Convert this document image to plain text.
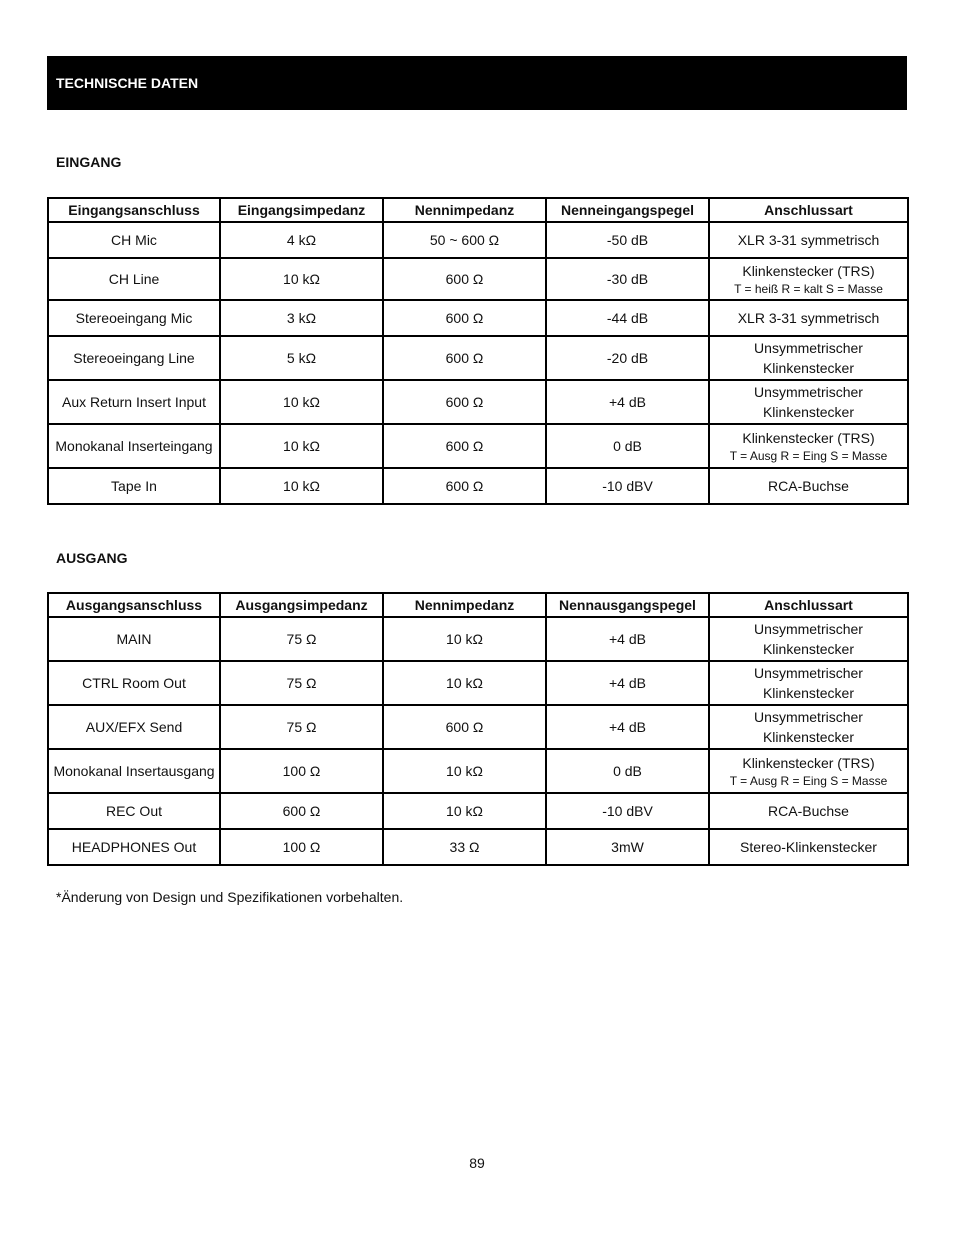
TECHNISCHE DATEN
EINGANG
Eingangsanschluss	Eingangsimpedanz	Nennimpedanz	Nenneingangspegel	Anschlussart
CH Mic	4 kΩ	50 ~ 600 Ω	-50 dB	XLR 3-31 symmetrisch
CH Line	10 kΩ	600 Ω	-30 dB	Klinkenstecker (TRS)
T = heiß R = kalt S = Masse

Stereoeingang Mic	3 kΩ	600 Ω	-44 dB	XLR 3-31 symmetrisch
Stereoeingang Line	5 kΩ	600 Ω	-20 dB	Unsymmetrischer Klinkenstecker
Aux Return Insert Input	10 kΩ	600 Ω	+4 dB	Unsymmetrischer Klinkenstecker
Monokanal Inserteingang	10 kΩ	600 Ω	0 dB	Klinkenstecker (TRS)
T = Ausg R = Eing S = Masse

Tape In	10 kΩ	600 Ω	-10 dBV	RCA-Buchse
AUSGANG
Ausgangsanschluss	Ausgangsimpedanz	Nennimpedanz	Nennausgangspegel	Anschlussart
MAIN	75 Ω	10 kΩ	+4 dB	Unsymmetrischer Klinkenstecker
CTRL Room Out	75 Ω	10 kΩ	+4 dB	Unsymmetrischer Klinkenstecker
AUX/EFX Send	75 Ω	600 Ω	+4 dB	Unsymmetrischer Klinkenstecker
Monokanal Insertausgang	100 Ω	10 kΩ	0 dB	Klinkenstecker (TRS)
T = Ausg R = Eing S = Masse

REC Out	600 Ω	10 kΩ	-10 dBV	RCA-Buchse
HEADPHONES Out	100 Ω	33 Ω	3mW	Stereo-Klinkenstecker
*Änderung von Design und Spezifikationen vorbehalten.
89
